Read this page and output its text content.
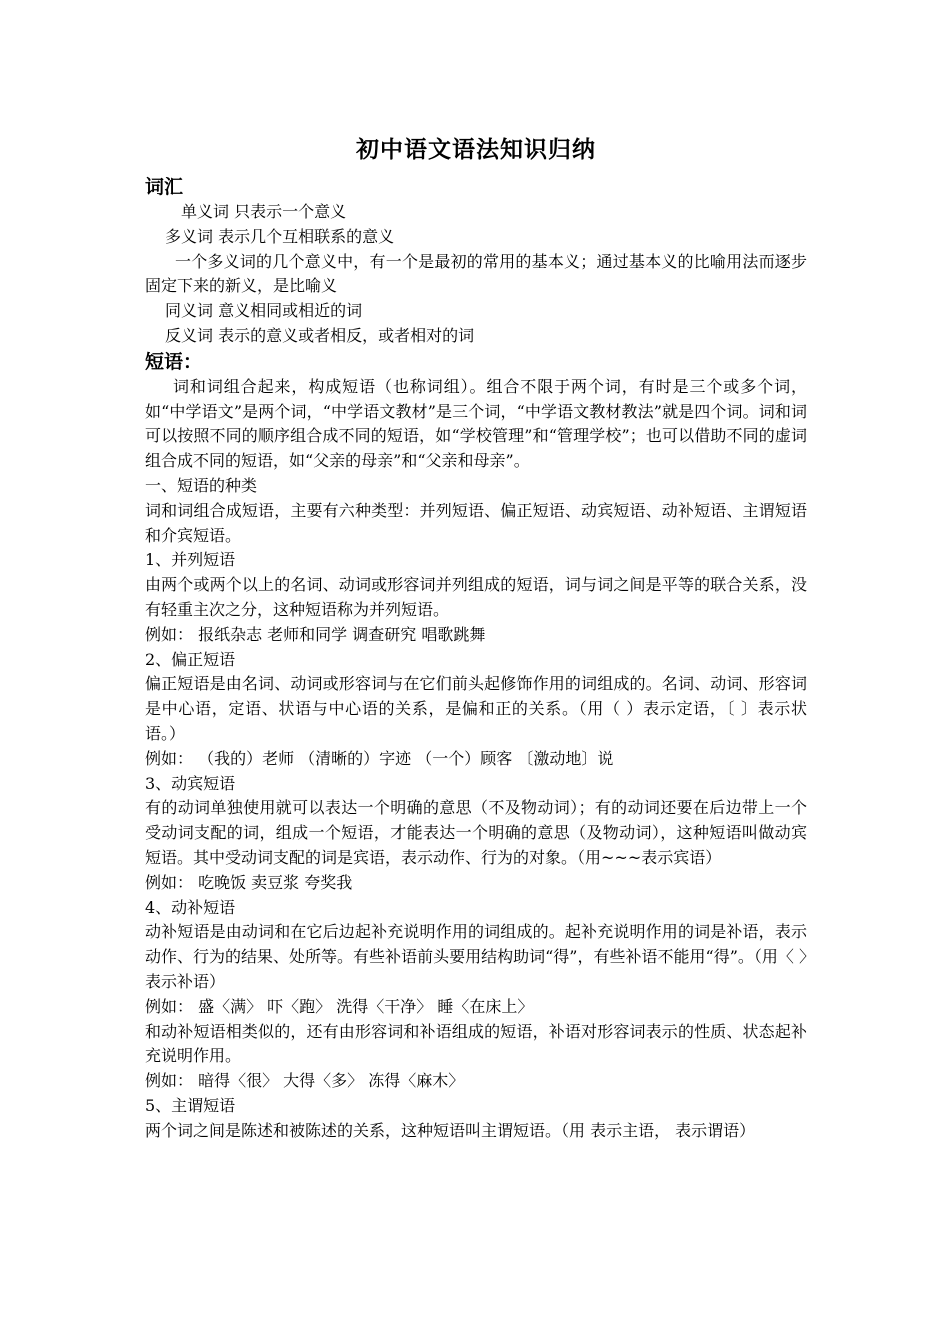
初中语文语法知识归纳
词汇
单义词 只表示一个意义
多义词 表示几个互相联系的意义
一个多义词的几个意义中，有一个是最初的常用的基本义；通过基本义的比喻用法而逐步固定下来的新义，是比喻义
同义词 意义相同或相近的词
反义词 表示的意义或者相反，或者相对的词
短语：
词和词组合起来，构成短语（也称词组）。组合不限于两个词，有时是三个或多个词，如“中学语文”是两个词，“中学语文教材”是三个词，“中学语文教材教法”就是四个词。词和词可以按照不同的顺序组合成不同的短语，如“学校管理”和“管理学校”；也可以借助不同的虚词组合成不同的短语，如“父亲的母亲”和“父亲和母亲”。
一、短语的种类
词和词组合成短语，主要有六种类型：并列短语、偏正短语、动宾短语、动补短语、主谓短语和介宾短语。
1、并列短语
由两个或两个以上的名词、动词或形容词并列组成的短语，词与词之间是平等的联合关系，没有轻重主次之分，这种短语称为并列短语。
例如： 报纸杂志 老师和同学 调查研究 唱歌跳舞
2、偏正短语
偏正短语是由名词、动词或形容词与在它们前头起修饰作用的词组成的。名词、动词、形容词是中心语，定语、状语与中心语的关系，是偏和正的关系。（用（ ）表示定语，〔 〕表示状语。）
例如： （我的）老师 （清晰的）字迹 （一个）顾客 〔激动地〕说
3、动宾短语
有的动词单独使用就可以表达一个明确的意思（不及物动词）；有的动词还要在后边带上一个受动词支配的词，组成一个短语，才能表达一个明确的意思（及物动词），这种短语叫做动宾短语。其中受动词支配的词是宾语，表示动作、行为的对象。（用~~~表示宾语）
例如： 吃晚饭 卖豆浆 夸奖我
4、动补短语
动补短语是由动词和在它后边起补充说明作用的词组成的。起补充说明作用的词是补语，表示动作、行为的结果、处所等。有些补语前头要用结构助词“得”，有些补语不能用“得”。（用〈 〉表示补语）
例如： 盛〈满〉 吓〈跑〉 洗得〈干净〉 睡〈在床上〉
和动补短语相类似的，还有由形容词和补语组成的短语，补语对形容词表示的性质、状态起补充说明作用。
例如： 暗得〈很〉 大得〈多〉 冻得〈麻木〉
5、主谓短语
两个词之间是陈述和被陈述的关系，这种短语叫主谓短语。（用 表示主语， 表示谓语）
